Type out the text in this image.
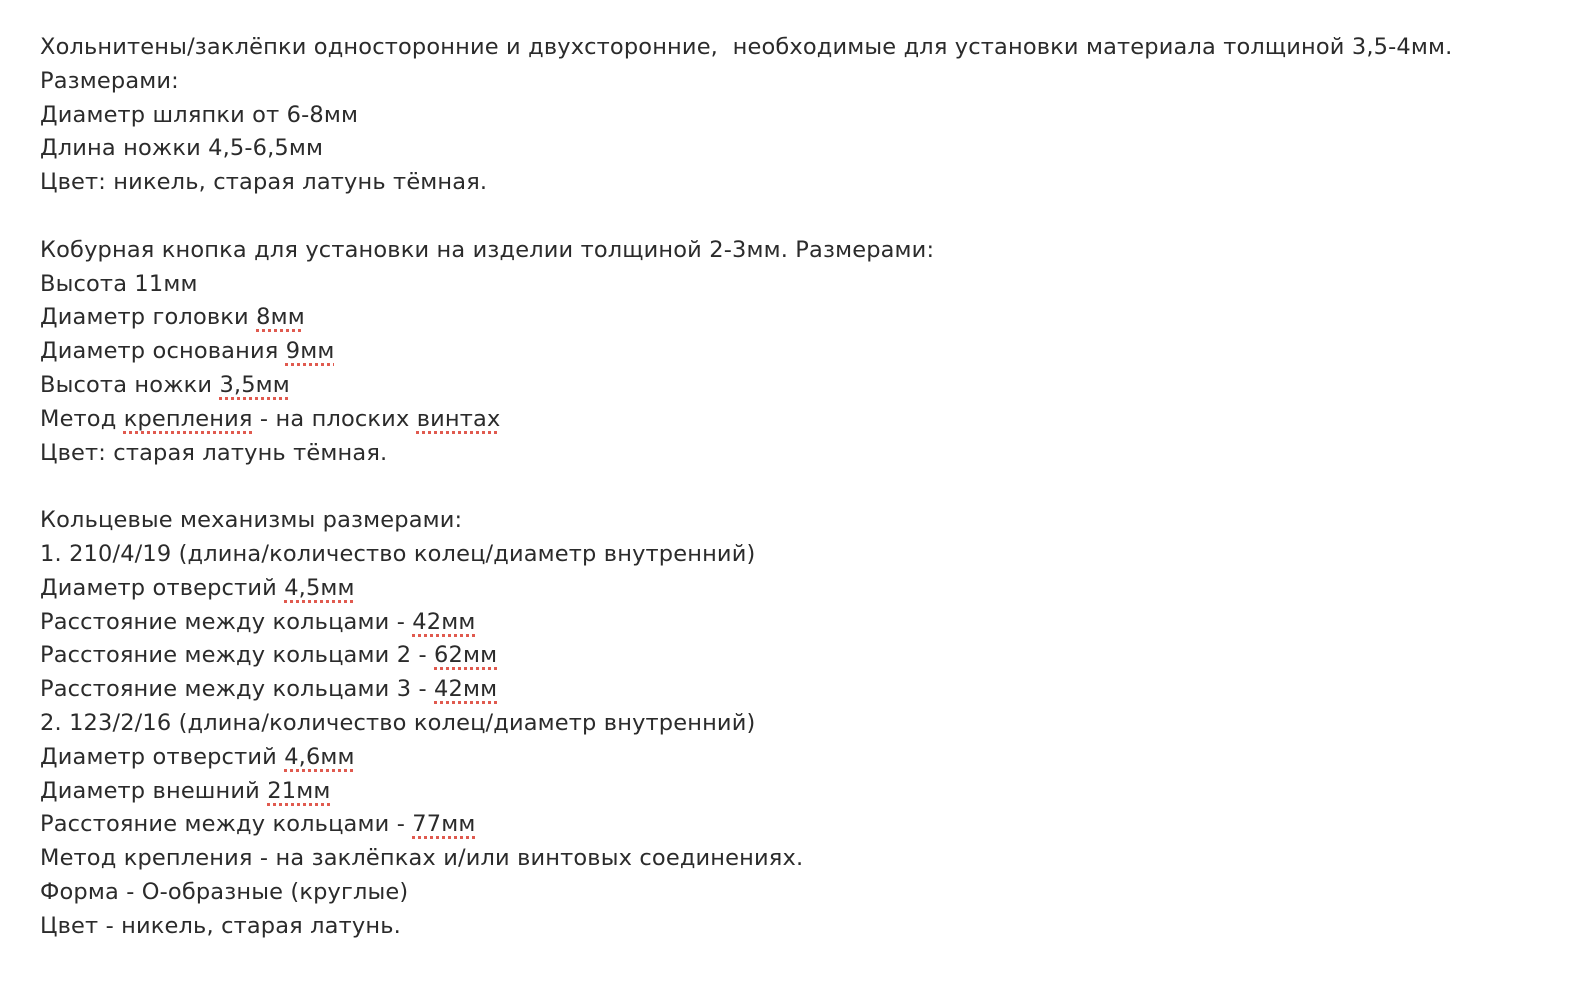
Хольнитены/заклёпки односторонние и двухсторонние,  необходимые для установки материала толщиной 3,5-4мм.
Размерами:
Диаметр шляпки от 6-8мм
Длина ножки 4,5-6,5мм
Цвет: никель, старая латунь тёмная.
Кобурная кнопка для установки на изделии толщиной 2-3мм. Размерами:
Высота 11мм
Диаметр головки 8мм
Диаметр основания 9мм
Высота ножки 3,5мм
Метод крепления - на плоских винтах
Цвет: старая латунь тёмная.
Кольцевые механизмы размерами:
1. 210/4/19 (длина/количество колец/диаметр внутренний)
Диаметр отверстий 4,5мм
Расстояние между кольцами - 42мм
Расстояние между кольцами 2 - 62мм
Расстояние между кольцами 3 - 42мм
2. 123/2/16 (длина/количество колец/диаметр внутренний)
Диаметр отверстий 4,6мм
Диаметр внешний 21мм
Расстояние между кольцами - 77мм
Метод крепления - на заклёпках и/или винтовых соединениях.
Форма - О-образные (круглые)
Цвет - никель, старая латунь.
